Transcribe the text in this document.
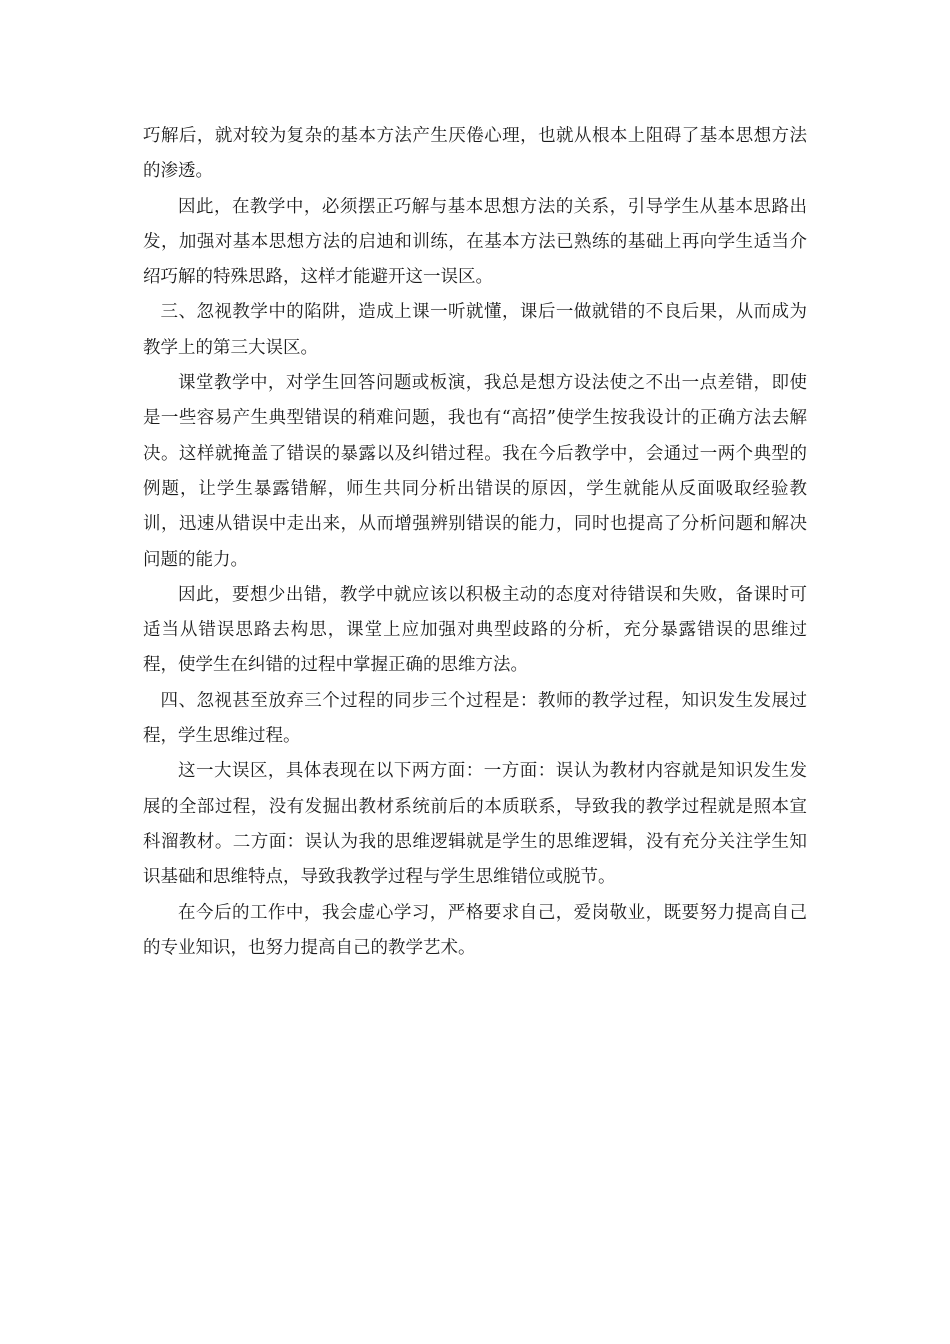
巧解后，就对较为复杂的基本方法产生厌倦心理，也就从根本上阻碍了基本思想方法的渗透。

因此，在教学中，必须摆正巧解与基本思想方法的关系，引导学生从基本思路出发，加强对基本思想方法的启迪和训练，在基本方法已熟练的基础上再向学生适当介绍巧解的特殊思路，这样才能避开这一误区。

三、忽视教学中的陷阱，造成上课一听就懂，课后一做就错的不良后果，从而成为教学上的第三大误区。

课堂教学中，对学生回答问题或板演，我总是想方设法使之不出一点差错，即使是一些容易产生典型错误的稍难问题，我也有“高招”使学生按我设计的正确方法去解决。这样就掩盖了错误的暴露以及纠错过程。我在今后教学中，会通过一两个典型的例题，让学生暴露错解，师生共同分析出错误的原因，学生就能从反面吸取经验教训，迅速从错误中走出来，从而增强辨别错误的能力，同时也提高了分析问题和解决问题的能力。

因此，要想少出错，教学中就应该以积极主动的态度对待错误和失败，备课时可适当从错误思路去构思，课堂上应加强对典型歧路的分析，充分暴露错误的思维过程，使学生在纠错的过程中掌握正确的思维方法。

四、忽视甚至放弃三个过程的同步三个过程是：教师的教学过程，知识发生发展过程，学生思维过程。

这一大误区，具体表现在以下两方面：一方面：误认为教材内容就是知识发生发展的全部过程，没有发掘出教材系统前后的本质联系，导致我的教学过程就是照本宣科溜教材。二方面：误认为我的思维逻辑就是学生的思维逻辑，没有充分关注学生知识基础和思维特点，导致我教学过程与学生思维错位或脱节。

在今后的工作中，我会虚心学习，严格要求自己，爱岗敬业，既要努力提高自己的专业知识，也努力提高自己的教学艺术。
